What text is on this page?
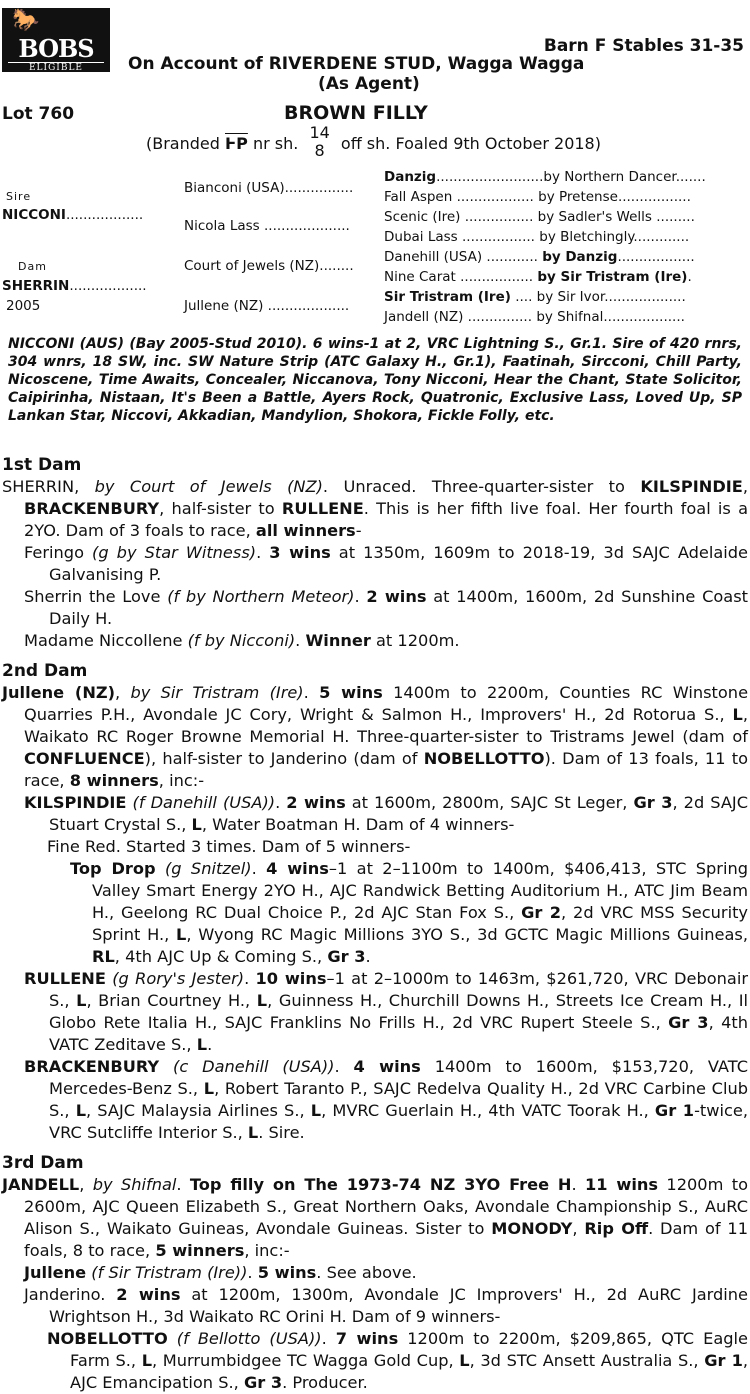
🐎
BOBS
ELIGIBLE
Barn F Stables 31-35
On Account of RIVERDENE STUD, Wagga Wagga
(As Agent)
Lot 760	BROWN FILLY
(Branded $\overline{ⱵP}$ nr sh.
14
8	off sh. Foaled 9th October 2018)
Sire
NICCONI..................
Dam
SHERRIN..................
2005
Bianconi (USA)................
Nicola Lass ....................
Court of Jewels (NZ)........
Jullene (NZ) ...................
Danzig.........................by Northern Dancer.......
Fall Aspen .................. by Pretense.................
Scenic (Ire) ................ by Sadler's Wells .........
Dubai Lass ................. by Bletchingly.............
Danehill (USA) ............ by Danzig..................
Nine Carat ................. by Sir Tristram (Ire).
Sir Tristram (Ire) .... by Sir Ivor...................
Jandell (NZ) ............... by Shifnal...................
NICCONI (AUS) (Bay 2005-Stud 2010). 6 wins-1 at 2, VRC Lightning S., Gr.1. Sire of 420 rnrs, 304 wnrs, 18 SW, inc. SW Nature Strip (ATC Galaxy H., Gr.1), Faatinah, Sircconi, Chill Party, Nicoscene, Time Awaits, Concealer, Niccanova, Tony Nicconi, Hear the Chant, State Solicitor, Caipirinha, Nistaan, It's Been a Battle, Ayers Rock, Quatronic, Exclusive Lass, Loved Up, SP Lankan Star, Niccovi, Akkadian, Mandylion, Shokora, Fickle Folly, etc.
1st Dam

SHERRIN, by Court of Jewels (NZ). Unraced. Three-quarter-sister to KILSPINDIE, BRACKENBURY, half-sister to RULLENE. This is her fifth live foal. Her fourth foal is a 2YO. Dam of 3 foals to race, all winners-

Feringo (g by Star Witness). 3 wins at 1350m, 1609m to 2018-19, 3d SAJC Adelaide Galvanising P.

Sherrin the Love (f by Northern Meteor). 2 wins at 1400m, 1600m, 2d Sunshine Coast Daily H.

Madame Niccollene (f by Nicconi). Winner at 1200m.

2nd Dam

Jullene (NZ), by Sir Tristram (Ire). 5 wins 1400m to 2200m, Counties RC Winstone Quarries P.H., Avondale JC Cory, Wright & Salmon H., Improvers' H., 2d Rotorua S., L, Waikato RC Roger Browne Memorial H. Three-quarter-sister to Tristrams Jewel (dam of CONFLUENCE), half-sister to Janderino (dam of NOBELLOTTO). Dam of 13 foals, 11 to race, 8 winners, inc:-

KILSPINDIE (f Danehill (USA)). 2 wins at 1600m, 2800m, SAJC St Leger, Gr 3, 2d SAJC Stuart Crystal S., L, Water Boatman H. Dam of 4 winners-

Fine Red. Started 3 times. Dam of 5 winners-

Top Drop (g Snitzel). 4 wins–1 at 2–1100m to 1400m, $406,413, STC Spring Valley Smart Energy 2YO H., AJC Randwick Betting Auditorium H., ATC Jim Beam H., Geelong RC Dual Choice P., 2d AJC Stan Fox S., Gr 2, 2d VRC MSS Security Sprint H., L, Wyong RC Magic Millions 3YO S., 3d GCTC Magic Millions Guineas, RL, 4th AJC Up & Coming S., Gr 3.

RULLENE (g Rory's Jester). 10 wins–1 at 2–1000m to 1463m, $261,720, VRC Debonair S., L, Brian Courtney H., L, Guinness H., Churchill Downs H., Streets Ice Cream H., Il Globo Rete Italia H., SAJC Franklins No Frills H., 2d VRC Rupert Steele S., Gr 3, 4th VATC Zeditave S., L.

BRACKENBURY (c Danehill (USA)). 4 wins 1400m to 1600m, $153,720, VATC Mercedes-Benz S., L, Robert Taranto P., SAJC Redelva Quality H., 2d VRC Carbine Club S., L, SAJC Malaysia Airlines S., L, MVRC Guerlain H., 4th VATC Toorak H., Gr 1-twice, VRC Sutcliffe Interior S., L. Sire.

3rd Dam

JANDELL, by Shifnal. Top filly on The 1973-74 NZ 3YO Free H. 11 wins 1200m to 2600m, AJC Queen Elizabeth S., Great Northern Oaks, Avondale Championship S., AuRC Alison S., Waikato Guineas, Avondale Guineas. Sister to MONODY, Rip Off. Dam of 11 foals, 8 to race, 5 winners, inc:-

Jullene (f Sir Tristram (Ire)). 5 wins. See above.

Janderino. 2 wins at 1200m, 1300m, Avondale JC Improvers' H., 2d AuRC Jardine Wrightson H., 3d Waikato RC Orini H. Dam of 9 winners-

NOBELLOTTO (f Bellotto (USA)). 7 wins 1200m to 2200m, $209,865, QTC Eagle Farm S., L, Murrumbidgee TC Wagga Gold Cup, L, 3d STC Ansett Australia S., Gr 1, AJC Emancipation S., Gr 3. Producer.
